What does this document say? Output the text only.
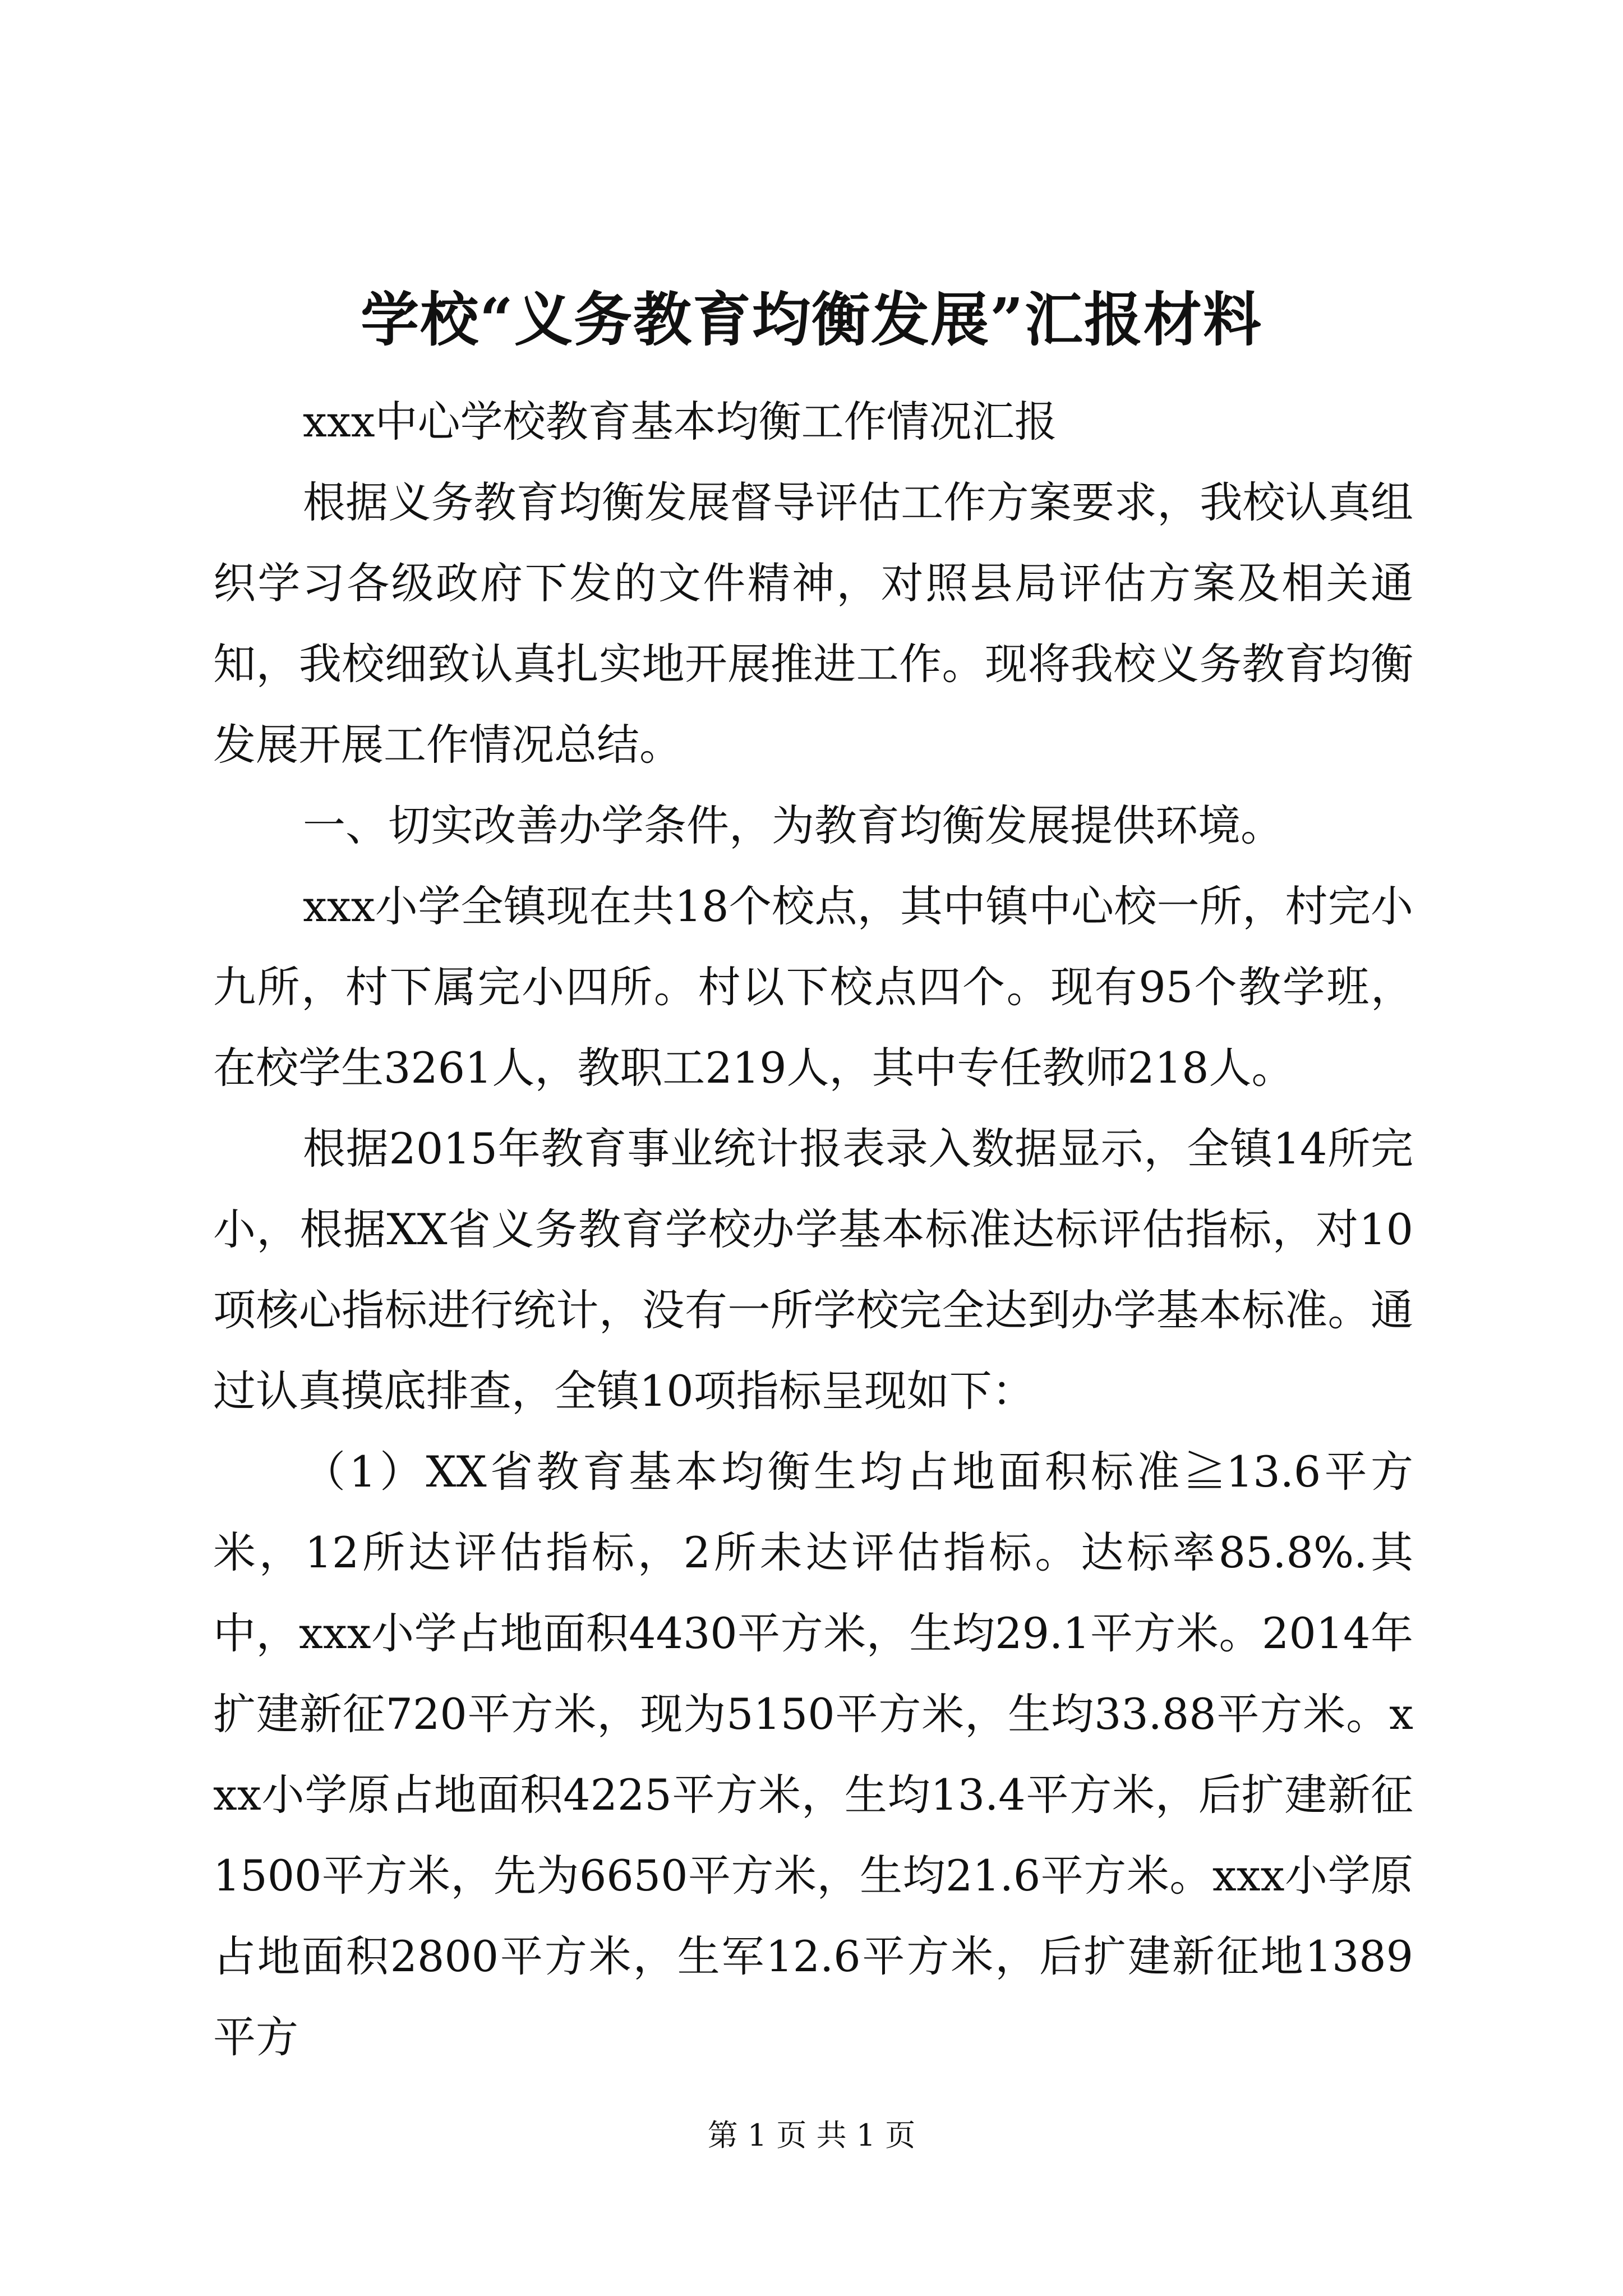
学校“义务教育均衡发展”汇报材料

xxx中心学校教育基本均衡工作情况汇报

根据义务教育均衡发展督导评估工作方案要求，我校认真组织学习各级政府下发的文件精神，对照县局评估方案及相关通知，我校细致认真扎实地开展推进工作。现将我校义务教育均衡发展开展工作情况总结。

一、切实改善办学条件，为教育均衡发展提供环境。

xxx小学全镇现在共18个校点，其中镇中心校一所，村完小九所，村下属完小四所。村以下校点四个。现有95个教学班，在校学生3261人，教职工219人，其中专任教师218人。

根据2015年教育事业统计报表录入数据显示，全镇14所完小，根据XX省义务教育学校办学基本标准达标评估指标，对10项核心指标进行统计，没有一所学校完全达到办学基本标准。通过认真摸底排查，全镇10项指标呈现如下：

（1）XX省教育基本均衡生均占地面积标准≧13.6平方米，12所达评估指标，2所未达评估指标。达标率85.8%.其中，xxx小学占地面积4430平方米，生均29.1平方米。2014年扩建新征720平方米，现为5150平方米，生均33.88平方米。xxx小学原占地面积4225平方米，生均13.4平方米，后扩建新征1500平方米，先为6650平方米，生均21.6平方米。xxx小学原占地面积2800平方米，生军12.6平方米，后扩建新征地1389平方

第 1 页 共 1 页
